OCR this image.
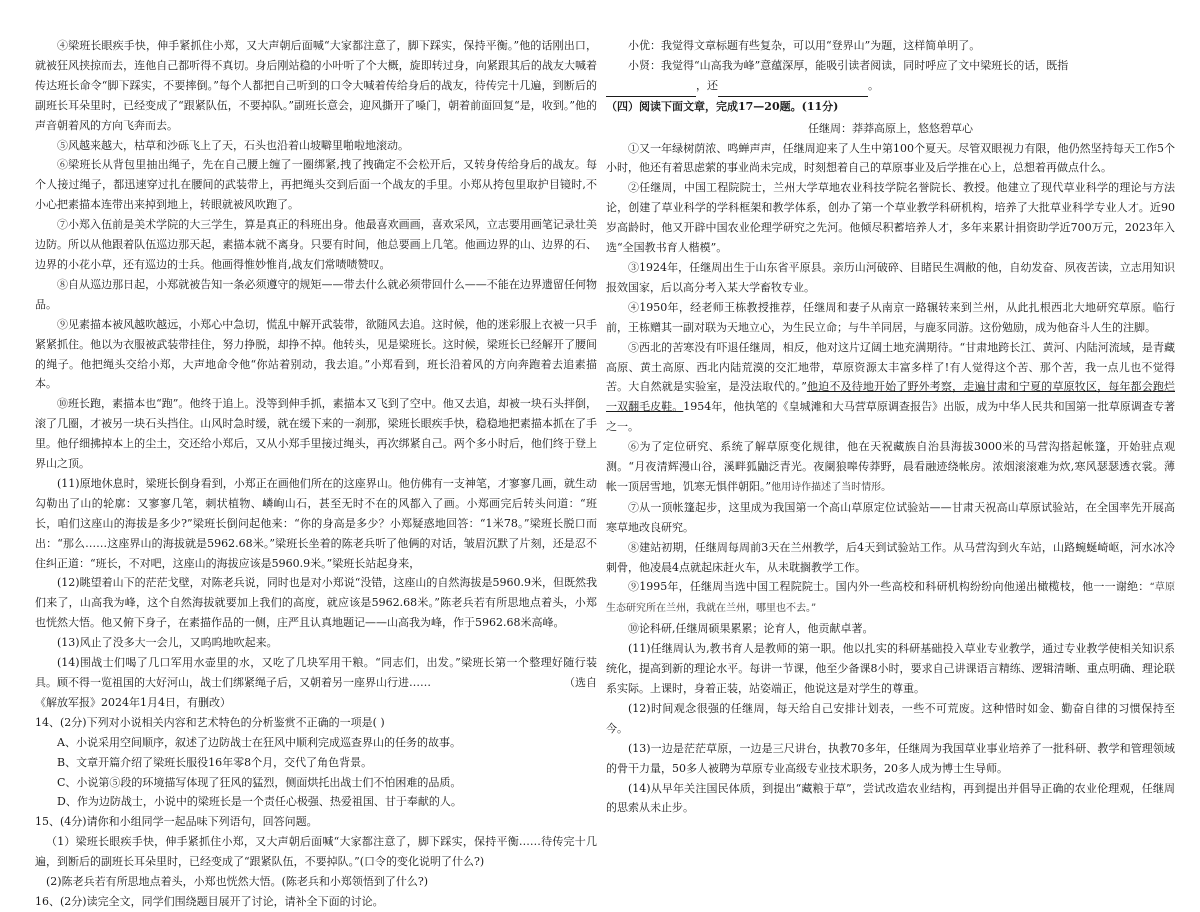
④梁班长眼疾手快，伸手紧抓住小郑，又大声朝后面喊“大家都注意了，脚下踩实，保持平衡。”他的话刚出口，就被狂风挟掠而去，连他自己都听得不真切。身后刚站稳的小叶听了个大概，旋即转过身，向紧跟其后的战友大喊着传达班长命令“脚下踩实，不要摔倒。”每个人都把自己听到的口令大喊着传给身后的战友，待传完十几遍，到断后的副班长耳朵里时，已经变成了“跟紧队伍，不要掉队。”副班长意会，迎风撕开了嗓门，朝着前面回复“是，收到。”他的声音朝着风的方向飞奔而去。

⑤风越来越大，枯草和沙砾飞上了天，石头也沿着山坡噼里啪啦地滚动。

⑥梁班长从背包里抽出绳子，先在自己腰上缠了一圈绑紧,拽了拽确定不会松开后，又转身传给身后的战友。每个人接过绳子，都迅速穿过扎在腰间的武装带上，再把绳头交到后面一个战友的手里。小郑从挎包里取护目镜时,不小心把素描本连带出来掉到地上，转眼就被风吹跑了。

⑦小郑入伍前是美术学院的大三学生，算是真正的科班出身。他最喜欢画画，喜欢采风，立志要用画笔记录壮美边防。所以从他跟着队伍巡边那天起，素描本就不离身。只要有时间，他总要画上几笔。他画边界的山、边界的石、边界的小花小草，还有巡边的士兵。他画得惟妙惟肖,战友们常啧啧赞叹。

⑧自从巡边那日起，小郑就被告知一条必须遵守的规矩——带去什么就必须带回什么——不能在边界遗留任何物品。

⑨见素描本被风越吹越远，小郑心中急切，慌乱中解开武装带，欲随风去追。这时候，他的迷彩服上衣被一只手紧紧抓住。他以为衣服被武装带挂住，努力挣脱，却挣不掉。他转头，见是梁班长。这时候，梁班长已经解开了腰间的绳子。他把绳头交给小郑，大声地命令他“你站着别动，我去追。”小郑看到，班长沿着风的方向奔跑着去追素描本。

⑩班长跑，素描本也“跑”。他终于追上。没等到伸手抓，素描本又飞到了空中。他又去追，却被一块石头拌倒，滚了几圈，才被另一块石头挡住。山风时急时缓，就在缓下来的一刹那，梁班长眼疾手快，稳稳地把素描本抓在了手里。他仔细拂掉本上的尘土，交还给小郑后，又从小郑手里接过绳头，再次绑紧自己。两个多小时后，他们终于登上界山之顶。

(11)原地休息时，梁班长倒身看到，小郑正在画他们所在的这座界山。他仿佛有一支神笔，才寥寥几画，就生动勾勒出了山的轮廓：又寥寥几笔，刺状植物、嶙峋山石，甚至无时不在的风都入了画。小郑画完后转头问道：“班长，咱们这座山的海拔是多少?”梁班长倒问起他来：“你的身高是多少？小郑疑惑地回答：“1米78。”梁班长脱口而出：“那么……这座界山的海拔就是5962.68米。”梁班长坐着的陈老兵听了他俩的对话，皱眉沉默了片刻，还是忍不住纠正道：“班长，不对吧，这座山的海拔应该是5960.9米。”梁班长站起身来，

(12)眺望着山下的茫茫戈壁，对陈老兵说，同时也是对小郑说“没错，这座山的自然海拔是5960.9米，但既然我们来了，山高我为峰，这个自然海拔就要加上我们的高度，就应该是5962.68米。”陈老兵若有所思地点着头，小郑也恍然大悟。他又俯下身子，在素描作品的一侧，庄严且认真地题记——山高我为峰，作于5962.68米高峰。

(13)风止了没多大一会儿，又呜呜地吹起来。

(14)围战士们喝了几口军用水壶里的水，又吃了几块军用干粮。“同志们，出发。”梁班长第一个整理好随行装具。顾不得一览祖国的大好河山，战士们绑紧绳子后，又朝着另一座界山行进……	（选自

《解放军报》2024年1月4日，有删改）

14、(2分)下列对小说相关内容和艺术特色的分析鉴赏不正确的一项是( )

A、小说采用空间顺序，叙述了边防战士在狂风中顺利完成巡查界山的任务的故事。

B、文章开篇介绍了梁班长服役16年零8个月，交代了角色背景。

C、小说第⑤段的环境描写体现了狂风的猛烈，侧面烘托出战士们不怕困难的品质。

D、作为边防战士，小说中的梁班长是一个责任心极强、热爱祖国、甘于奉献的人。

15、(4分)请你和小组同学一起品味下列语句，回答问题。

（1）梁班长眼疾手快，伸手紧抓住小郑，又大声朝后面喊“大家都注意了，脚下踩实，保持平衡……待传完十几遍，到断后的副班长耳朵里时，已经变成了“跟紧队伍，不要掉队。”(口令的变化说明了什么?)

(2)陈老兵若有所思地点着头，小郑也恍然大悟。(陈老兵和小郑领悟到了什么?)

16、(2分)读完全文，同学们围绕题目展开了讨论，请补全下面的讨论。

小优：我觉得文章标题有些复杂，可以用“登界山”为题，这样简单明了。

小贤：我觉得“山高我为峰”意蕴深厚，能吸引读者阅读，同时呼应了文中梁班长的话，既指

，还	。

（四）阅读下面文章，完成17—20题。(11分)

任继周：莽莽高原上，悠悠碧草心

①又一年绿树荫浓、鸣蝉声声，任继周迎来了人生中第100个夏天。尽管双眼视力有限，他仍然坚持每天工作5个小时，他还有着思虑萦的事业尚未完成，时刻想着自己的草原事业及后学推在心上，总想着再做点什么。

②任继周，中国工程院院士，兰州大学草地农业科技学院名誉院长、教授。他建立了现代草业科学的理论与方法论，创建了草业科学的学科框架和教学体系，创办了第一个草业教学科研机构，培养了大批草业科学专业人才。近90岁高龄时，他又开辟中国农业伦理学研究之先河。他倾尽积蓄培养人才，多年来累计捐资助学近700万元，2023年入选“全国教书育人楷模”。

③1924年，任继周出生于山东省平原县。亲历山河破碎、目睹民生凋敝的他，自幼发奋、夙夜苦读，立志用知识报效国家，后以高分考入某大学畜牧专业。

④1950年，经老师王栋教授推荐，任继周和妻子从南京一路辗转来到兰州，从此扎根西北大地研究草原。临行前，王栋赠其一副对联为天地立心，为生民立命；与牛羊同居，与鹿豕同游。这份勉励，成为他奋斗人生的注脚。

⑤西北的苦寒没有吓退任继周，相反，他对这片辽阔土地充满期待。“甘肃地跨长江、黄河、内陆河流域，是青藏高原、黄土高原、西北内陆荒漠的交汇地带，草原资源太丰富多样了!有人觉得这个苦、那个苦，我一点儿也不觉得苦。大自然就是实验室，是没法取代的。”他迫不及待地开始了野外考察，走遍甘肃和宁夏的草原牧区，每年都会跑烂一双翻毛皮鞋。1954年，他执笔的《皇城滩和大马营草原调查报告》出版，成为中华人民共和国第一批草原调查专著之一。

⑥为了定位研究、系统了解草原变化规律，他在天祝藏族自治县海拔3000米的马营沟搭起帐篷，开始驻点观测。“月夜清辉漫山谷，溪畔狐鼬泛青光。夜阑狼嗥传莽野，晨看融迹绕帐房。浓烟滚滚难为炊,寒风瑟瑟透衣裳。薄帐一顶居雪地，饥寒无惧伴朝阳。”他用诗作描述了当时情形。

⑦从一顶帐篷起步，这里成为我国第一个高山草原定位试验站——甘肃天祝高山草原试验站，在全国率先开展高寒草地改良研究。

⑧建站初期，任继周每周前3天在兰州教学，后4天到试验站工作。从马营沟到火车站，山路蜿蜒崎岖，河水冰冷刺骨，他凌晨4点就起床赶火车，从未耽搁教学工作。

⑨1995年，任继周当选中国工程院院士。国内外一些高校和科研机构纷纷向他递出橄榄枝，他一一谢绝：“草原生态研究所在兰州，我就在兰州，哪里也不去。”

⑩论科研,任继周硕果累累；论育人，他贡献卓著。

(11)任继周认为,教书育人是教师的第一职。他以扎实的科研基础投入草业专业教学，通过专业教学使相关知识系统化，提高到新的理论水平。每讲一节课，他至少备课8小时，要求自己讲课语言精练、逻辑清晰、重点明确、理论联系实际。上课时，身着正装，站姿端正，他说这是对学生的尊重。

(12)时间观念很强的任继周，每天给自己安排计划表，一些不可荒废。这种惜时如金、勤奋自律的习惯保持至今。

(13)一边是茫茫草原，一边是三尺讲台，执教70多年，任继周为我国草业事业培养了一批科研、教学和管理领域的骨干力量，50多人被聘为草原专业高级专业技术职务，20多人成为博士生导师。

(14)从早年关注国民体质，到提出“藏粮于草”，尝试改造农业结构，再到提出并倡导正确的农业伦理观，任继周的思索从未止步。
